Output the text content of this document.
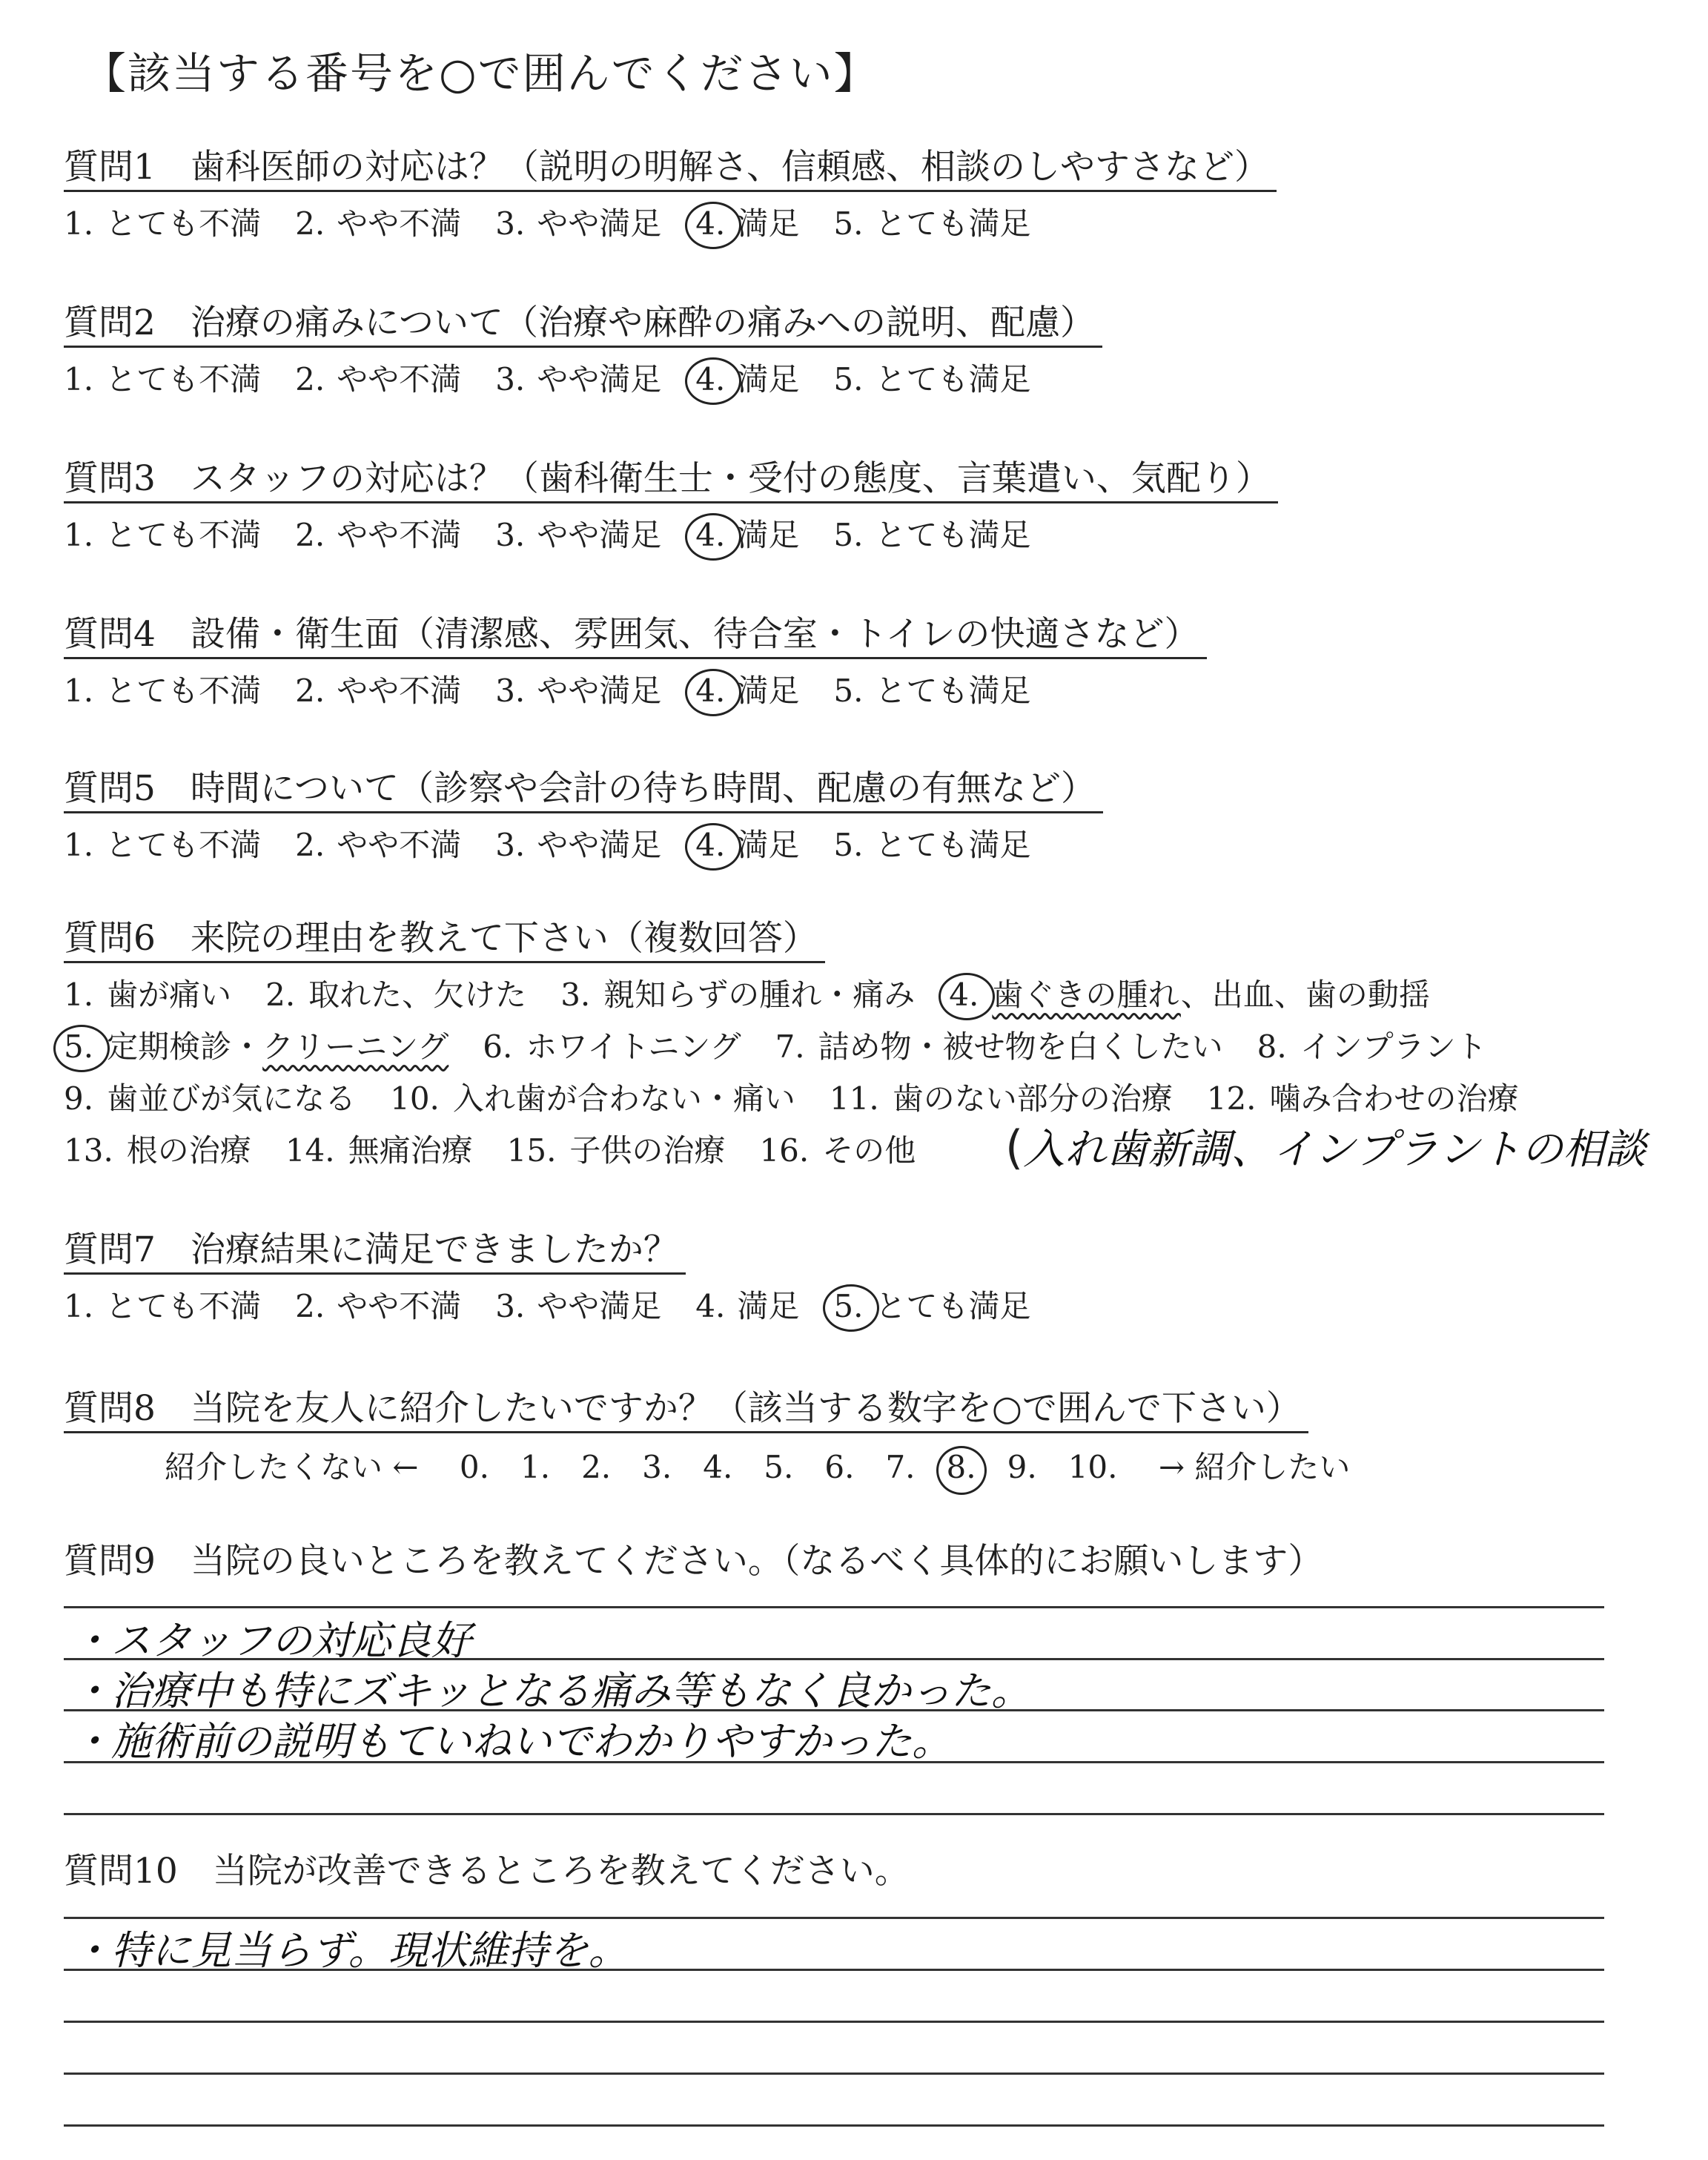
【該当する番号を○で囲んでください】
質問1　歯科医師の対応は？（説明の明解さ、信頼感、相談のしやすさなど）
1. とても不満 2. やや不満 3. やや満足 4. 満足 5. とても満足
質問2　治療の痛みについて（治療や麻酔の痛みへの説明、配慮）
1. とても不満 2. やや不満 3. やや満足 4. 満足 5. とても満足
質問3　スタッフの対応は？（歯科衛生士・受付の態度、言葉遣い、気配り）
1. とても不満 2. やや不満 3. やや満足 4. 満足 5. とても満足
質問4　設備・衛生面（清潔感、雰囲気、待合室・トイレの快適さなど）
1. とても不満 2. やや不満 3. やや満足 4. 満足 5. とても満足
質問5　時間について（診察や会計の待ち時間、配慮の有無など）
1. とても不満 2. やや不満 3. やや満足 4. 満足 5. とても満足
質問6　来院の理由を教えて下さい（複数回答）
1. 歯が痛い 2. 取れた、欠けた 3. 親知らずの腫れ・痛み 4. 歯ぐきの腫れ、出血、歯の動揺
5. 定期検診・クリーニング 6. ホワイトニング 7. 詰め物・被せ物を白くしたい 8. インプラント
9. 歯並びが気になる 10. 入れ歯が合わない・痛い 11. 歯のない部分の治療 12. 噛み合わせの治療
13. 根の治療 14. 無痛治療 15. 子供の治療 16. その他 (入れ歯新調、インプラントの相談
質問7　治療結果に満足できましたか？
1. とても不満 2. やや不満 3. やや満足 4. 満足 5. とても満足
質問8　当院を友人に紹介したいですか？（該当する数字を○で囲んで下さい）
紹介したくない ← 0. 1. 2. 3. 4. 5. 6. 7. 8. 9. 10. → 紹介したい
質問9　当院の良いところを教えてください。（なるべく具体的にお願いします）
・スタッフの対応良好
・治療中も特にズキッとなる痛み等もなく良かった。
・施術前の説明もていねいでわかりやすかった。
質問10　当院が改善できるところを教えてください。
・特に見当らず。現状維持を。
